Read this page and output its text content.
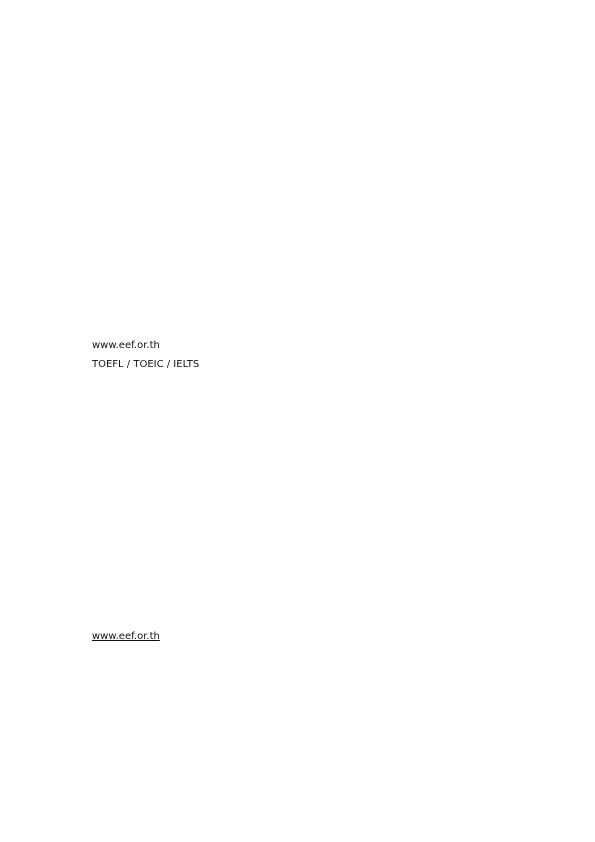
www.eef.or.th
TOEFL / TOEIC / IELTS
www.eef.or.th
